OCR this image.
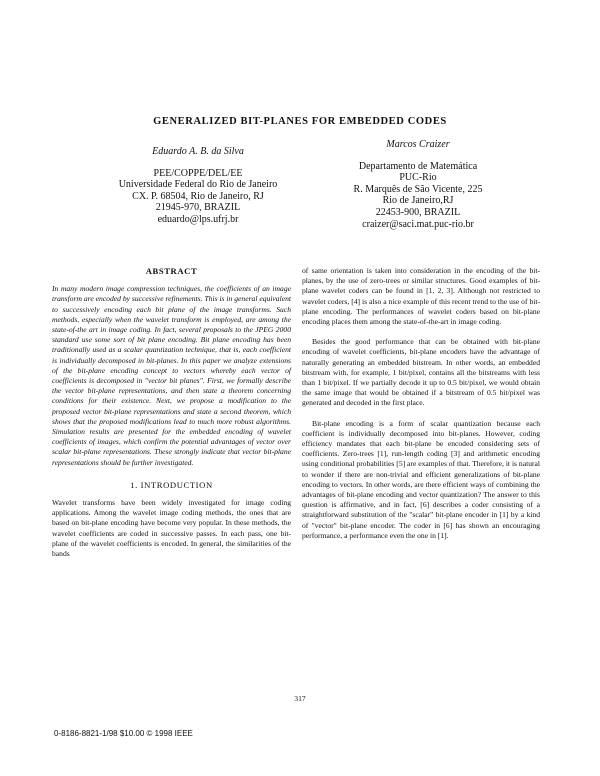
GENERALIZED BIT-PLANES FOR EMBEDDED CODES
Eduardo A. B. da Silva
PEE/COPPE/DEL/EE
Universidade Federal do Rio de Janeiro
CX. P. 68504, Rio de Janeiro, RJ
21945-970, BRAZIL
eduardo@lps.ufrj.br
Marcos Craizer
Departamento de Matemática
PUC-Rio
R. Marquês de São Vicente, 225
Rio de Janeiro,RJ
22453-900, BRAZIL
craizer@saci.mat.puc-rio.br
ABSTRACT

In many modern image compression techniques, the coefficients of an image transform are encoded by successive refinements. This is in general equivalent to successively encoding each bit plane of the image transforms. Such methods, especially when the wavelet transform is employed, are among the state-of-the art in image coding. In fact, several proposals to the JPEG 2000 standard use some sort of bit plane encoding. Bit plane encoding has been traditionally used as a scalar quantization technique, that is, each coefficient is individually decomposed in bit-planes. In this paper we analyze extensions of the bit-plane encoding concept to vectors whereby each vector of coefficients is decomposed in "vector bit planes". First, we formally describe the vector bit-plane representations, and then state a theorem concerning conditions for their existence. Next, we propose a modification to the proposed vector bit-plane representations and state a second theorem, which shows that the proposed modifications lead to much more robust algorithms. Simulation results are presented for the embedded encoding of wavelet coefficients of images, which confirm the potential advantages of vector over scalar bit-plane representations. These strongly indicate that vector bit-plane representations should be further investigated.

1. INTRODUCTION

Wavelet transforms have been widely investigated for image coding applications. Among the wavelet image coding methods, the ones that are based on bit-plane encoding have become very popular. In these methods, the wavelet coefficients are coded in successive passes. In each pass, one bit-plane of the wavelet coefficients is encoded. In general, the similarities of the bands

of same orientation is taken into consideration in the encoding of the bit-planes, by the use of zero-trees or similar structures. Good examples of bit-plane wavelet coders can be found in [1, 2, 3]. Although not restricted to wavelet coders, [4] is also a nice example of this recent trend to the use of bit-plane encoding. The performances of wavelet coders based on bit-plane encoding places them among the state-of-the-art in image coding.

Besides the good performance that can be obtained with bit-plane encoding of wavelet coefficients, bit-plane encoders have the advantage of naturally generating an embedded bitstream. In other words, an embedded bitstream with, for example, 1 bit/pixel, contains all the bitstreams with less than 1 bit/pixel. If we partially decode it up to 0.5 bit/pixel, we would obtain the same image that would be obtained if a bitstream of 0.5 bit/pixel was generated and decoded in the first place.

Bit-plane encoding is a form of scalar quantization because each coefficient is individually decomposed into bit-planes. However, coding efficiency mandates that each bit-plane be encoded considering sets of coefficients. Zero-trees [1], run-length coding [3] and arithmetic encoding using conditional probabilities [5] are examples of that. Therefore, it is natural to wonder if there are non-trivial and efficient generalizations of bit-plane encoding to vectors. In other words, are there efficient ways of combining the advantages of bit-plane encoding and vector quantization? The answer to this question is affirmative, and in fact, [6] describes a coder consisting of a straightforward substitution of the "scalar" bit-plane encoder in [1] by a kind of "vector" bit-plane encoder. The coder in [6] has shown an encouraging performance, a performance even the one in [1].

317
0-8186-8821-1/98 $10.00 © 1998 IEEE
